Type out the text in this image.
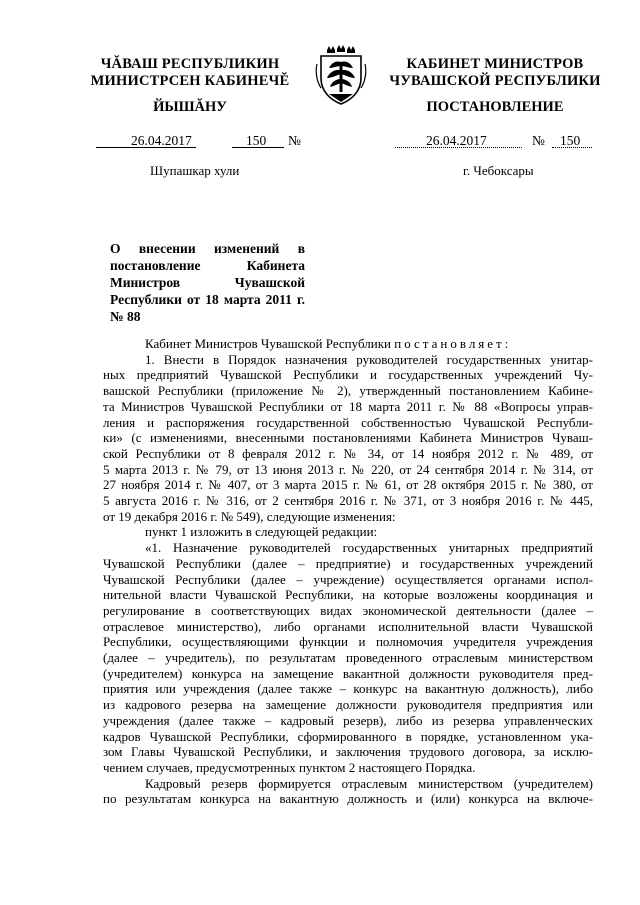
ЧĂВАШ РЕСПУБЛИКИН
МИНИСТРСЕН КАБИНЕЧĔ
ЙЫШĂНУ
КАБИНЕТ МИНИСТРОВ
ЧУВАШСКОЙ РЕСПУБЛИКИ
ПОСТАНОВЛЕНИЕ
26.04.2017	150 №	26.04.2017	№ 150
Шупашкар хули	г. Чебоксары
О внесении изменений в постановление Кабинета Министров Чувашской Республики от 18 марта 2011 г. № 88

Кабинет Министров Чувашской Республики постановляет:

1. Внести в Порядок назначения руководителей государственных унитар-

ных предприятий Чувашской Республики и государственных учреждений Чу-

вашской Республики (приложение № 2), утвержденный постановлением Кабине-

та Министров Чувашской Республики от 18 марта 2011 г. № 88 «Вопросы управ-

ления и распоряжения государственной собственностью Чувашской Республи-

ки» (с изменениями, внесенными постановлениями Кабинета Министров Чуваш-

ской Республики от 8 февраля 2012 г. № 34, от 14 ноября 2012 г. № 489, от

5 марта 2013 г. № 79, от 13 июня 2013 г. № 220, от 24 сентября 2014 г. № 314, от

27 ноября 2014 г. № 407, от 3 марта 2015 г. № 61, от 28 октября 2015 г. № 380, от

5 августа 2016 г. № 316, от 2 сентября 2016 г. № 371, от 3 ноября 2016 г. № 445,

от 19 декабря 2016 г. № 549), следующие изменения:

пункт 1 изложить в следующей редакции:

«1. Назначение руководителей государственных унитарных предприятий

Чувашской Республики (далее – предприятие) и государственных учреждений

Чувашской Республики (далее – учреждение) осуществляется органами испол-

нительной власти Чувашской Республики, на которые возложены координация и

регулирование в соответствующих видах экономической деятельности (далее –

отраслевое министерство), либо органами исполнительной власти Чувашской

Республики, осуществляющими функции и полномочия учредителя учреждения

(далее – учредитель), по результатам проведенного отраслевым министерством

(учредителем) конкурса на замещение вакантной должности руководителя пред-

приятия или учреждения (далее также – конкурс на вакантную должность), либо

из кадрового резерва на замещение должности руководителя предприятия или

учреждения (далее также – кадровый резерв), либо из резерва управленческих

кадров Чувашской Республики, сформированного в порядке, установленном ука-

зом Главы Чувашской Республики, и заключения трудового договора, за исклю-

чением случаев, предусмотренных пунктом 2 настоящего Порядка.

Кадровый резерв формируется отраслевым министерством (учредителем)

по результатам конкурса на вакантную должность и (или) конкурса на включе-
